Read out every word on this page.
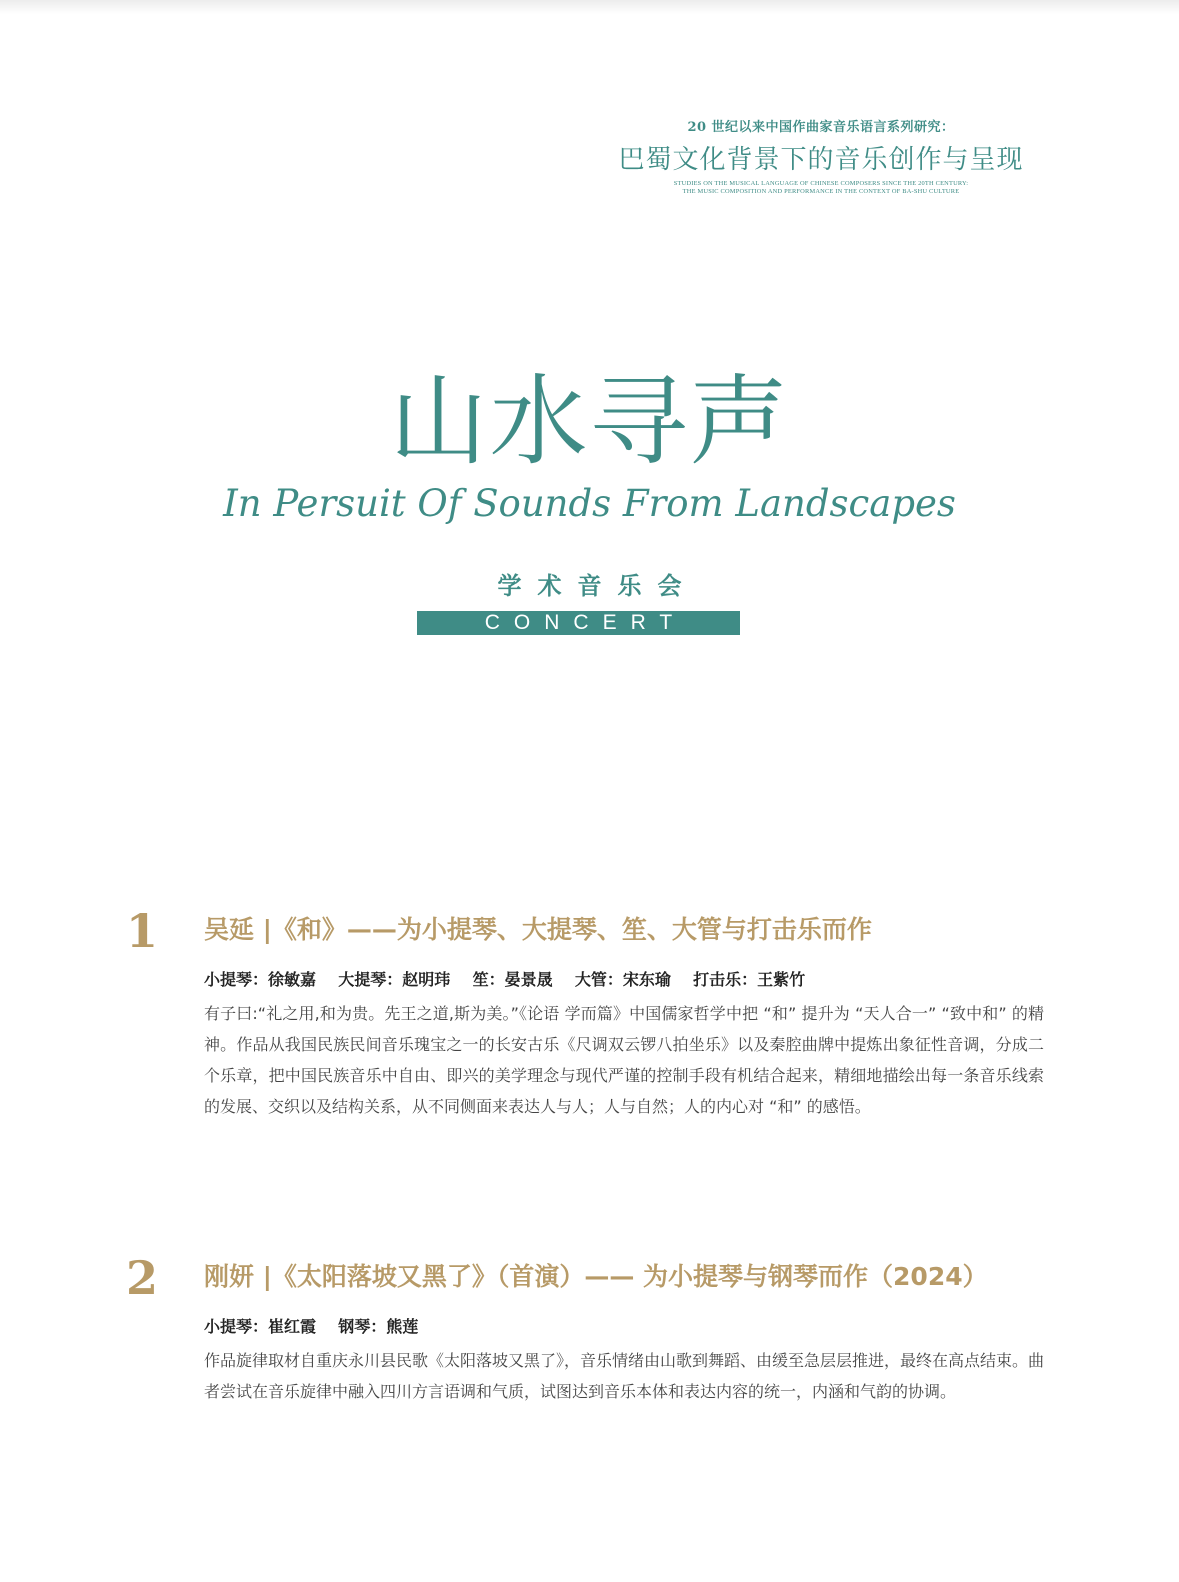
20 世纪以来中国作曲家音乐语言系列研究：
巴蜀文化背景下的音乐创作与呈现
STUDIES ON THE MUSICAL LANGUAGE OF CHINESE COMPOSERS SINCE THE 20TH CENTURY:
THE MUSIC COMPOSITION AND PERFORMANCE IN THE CONTEXT OF BA-SHU CULTURE
山水寻声
In Persuit Of Sounds From Landscapes
学术音乐会
CONCERT
1	吴延 |《和》——为小提琴、大提琴、笙、大管与打击乐而作
小提琴：徐敏嘉    大提琴：赵明玮    笙：晏景晟    大管：宋东瑜    打击乐：王紫竹
有子曰:“礼之用,和为贵。先王之道,斯为美。”《论语 学而篇》中国儒家哲学中把 “和” 提升为 “天人合一” “致中和” 的精神。作品从我国民族民间音乐瑰宝之一的长安古乐《尺调双云锣八拍坐乐》以及秦腔曲牌中提炼出象征性音调，分成二个乐章，把中国民族音乐中自由、即兴的美学理念与现代严谨的控制手段有机结合起来，精细地描绘出每一条音乐线索的发展、交织以及结构关系，从不同侧面来表达人与人；人与自然；人的内心对 “和” 的感悟。
2	刚妍 |《太阳落坡又黑了》（首演）—— 为小提琴与钢琴而作（2024）
小提琴：崔红霞    钢琴：熊莲
作品旋律取材自重庆永川县民歌《太阳落坡又黑了》，音乐情绪由山歌到舞蹈、由缓至急层层推进，最终在高点结束。曲者尝试在音乐旋律中融入四川方言语调和气质，试图达到音乐本体和表达内容的统一，内涵和气韵的协调。
